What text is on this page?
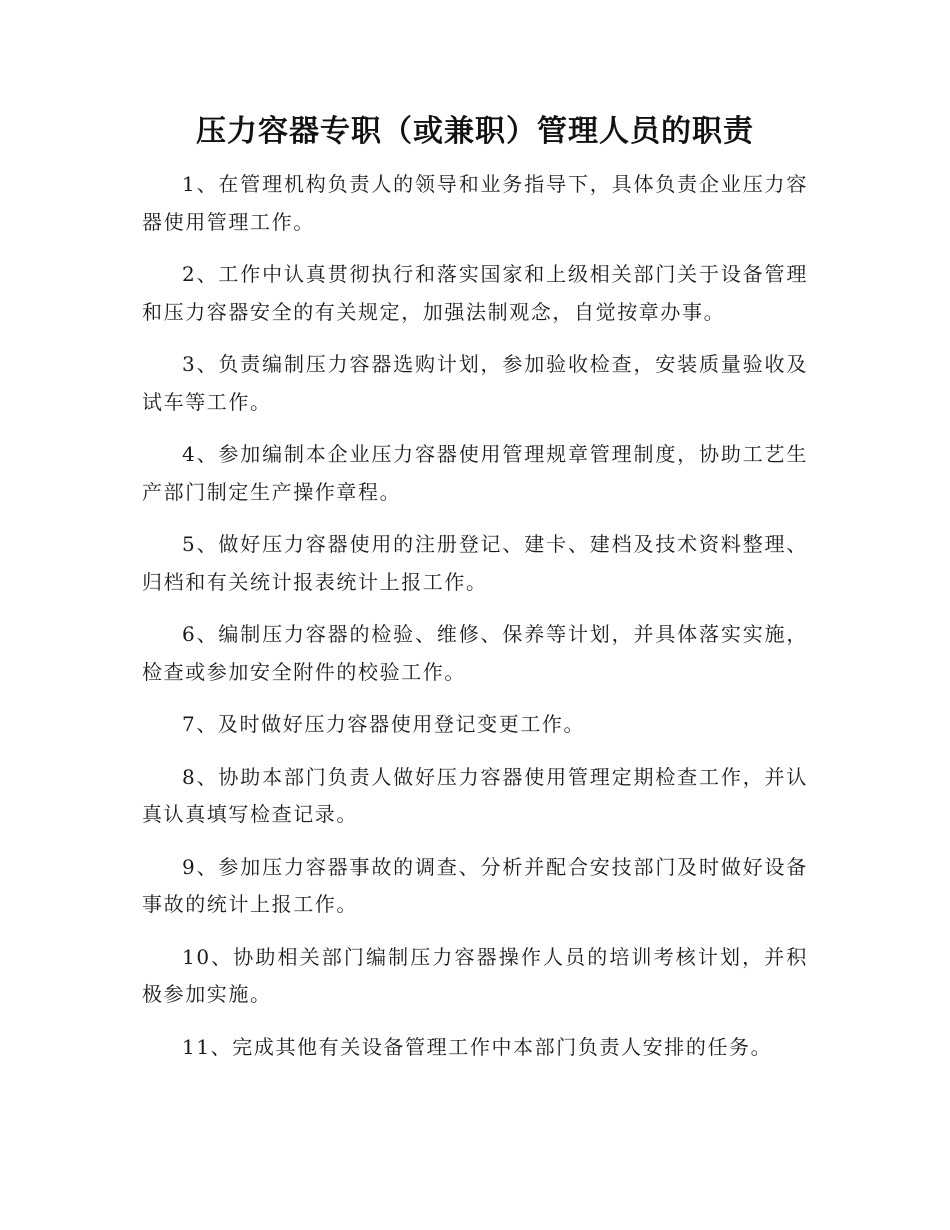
压力容器专职（或兼职）管理人员的职责

1、在管理机构负责人的领导和业务指导下，具体负责企业压力容器使用管理工作。

2、工作中认真贯彻执行和落实国家和上级相关部门关于设备管理和压力容器安全的有关规定，加强法制观念，自觉按章办事。

3、负责编制压力容器选购计划，参加验收检查，安装质量验收及试车等工作。

4、参加编制本企业压力容器使用管理规章管理制度，协助工艺生产部门制定生产操作章程。

5、做好压力容器使用的注册登记、建卡、建档及技术资料整理、归档和有关统计报表统计上报工作。

6、编制压力容器的检验、维修、保养等计划，并具体落实实施，检查或参加安全附件的校验工作。

7、及时做好压力容器使用登记变更工作。

8、协助本部门负责人做好压力容器使用管理定期检查工作，并认真认真填写检查记录。

9、参加压力容器事故的调查、分析并配合安技部门及时做好设备事故的统计上报工作。

10、协助相关部门编制压力容器操作人员的培训考核计划，并积极参加实施。

11、完成其他有关设备管理工作中本部门负责人安排的任务。
